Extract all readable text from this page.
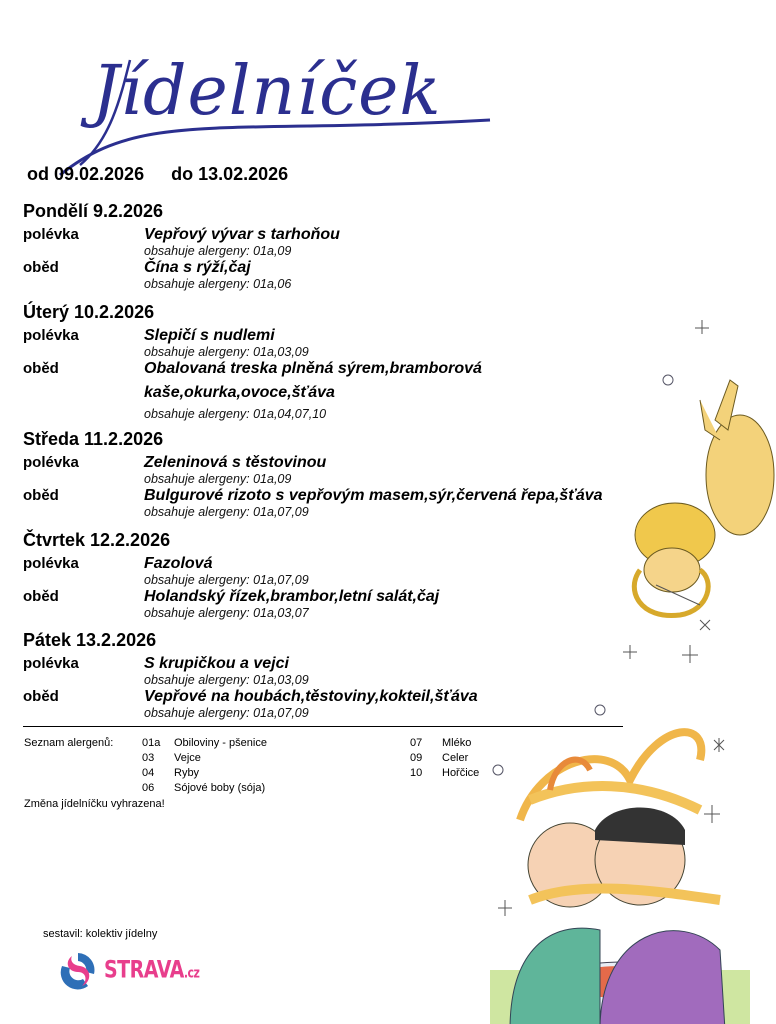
Jídelníček
od 09.02.2026 do 13.02.2026
Pondělí 9.2.2026
polévka	Vepřový vývar s tarhoňou
obsahuje alergeny: 01a,09
oběd	Čína s rýží,čaj
obsahuje alergeny: 01a,06
Úterý 10.2.2026
polévka	Slepičí s nudlemi
obsahuje alergeny: 01a,03,09
oběd	Obalovaná treska plněná sýrem,bramborová kaše,okurka,ovoce,šťáva
obsahuje alergeny: 01a,04,07,10
Středa 11.2.2026
polévka	Zeleninová s těstovinou
obsahuje alergeny: 01a,09
oběd	Bulgurové rizoto s vepřovým masem,sýr,červená řepa,šťáva
obsahuje alergeny: 01a,07,09
Čtvrtek 12.2.2026
polévka	Fazolová
obsahuje alergeny: 01a,07,09
oběd	Holandský řízek,brambor,letní salát,čaj
obsahuje alergeny: 01a,03,07
Pátek 13.2.2026
polévka	S krupičkou a vejci
obsahuje alergeny: 01a,03,09
oběd	Vepřové na houbách,těstoviny,kokteil,šťáva
obsahuje alergeny: 01a,07,09
Seznam alergenů:	01a	Obiloviny - pšenice
03	Vejce
04	Ryby
06	Sójové boby (sója)
07	Mléko
09	Celer
10	Hořčice
Změna jídelníčku vyhrazena!
sestavil: kolektiv jídelny
STRAVA.cz
